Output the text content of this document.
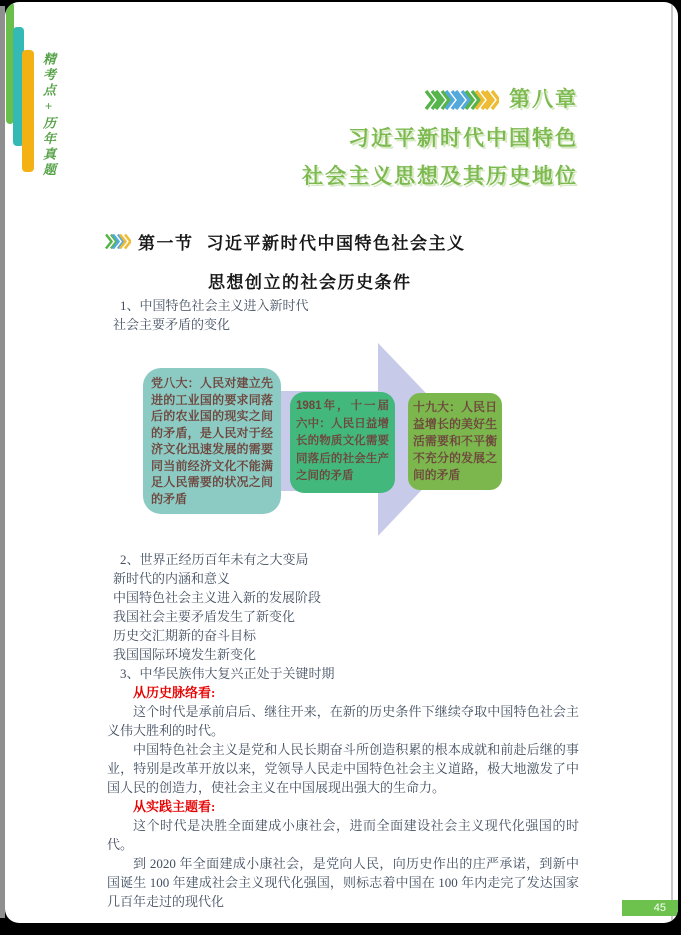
精考点+历年真题	第八章
习近平新时代中国特色
社会主义思想及其历史地位
第一节 习近平新时代中国特色社会主义
思想创立的社会历史条件

1、中国特色社会主义进入新时代

社会主要矛盾的变化

党八大：人民对建立先进的工业国的要求同落后的农业国的现实之间的矛盾，是人民对于经济文化迅速发展的需要同当前经济文化不能满足人民需要的状况之间的矛盾
1981年，十一届六中：人民日益增长的物质文化需要同落后的社会生产之间的矛盾
十九大：人民日益增长的美好生活需要和不平衡不充分的发展之间的矛盾

2、世界正经历百年未有之大变局

新时代的内涵和意义

中国特色社会主义进入新的发展阶段

我国社会主要矛盾发生了新变化

历史交汇期新的奋斗目标

我国国际环境发生新变化

3、中华民族伟大复兴正处于关键时期

从历史脉络看:

这个时代是承前启后、继往开来，在新的历史条件下继续夺取中国特色社会主义伟大胜利的时代。

中国特色社会主义是党和人民长期奋斗所创造积累的根本成就和前赴后继的事业，特别是改革开放以来，党领导人民走中国特色社会主义道路，极大地激发了中国人民的创造力，使社会主义在中国展现出强大的生命力。

从实践主题看:

这个时代是决胜全面建成小康社会，进而全面建设社会主义现代化强国的时代。

到 2020 年全面建成小康社会，是党向人民，向历史作出的庄严承诺，到新中国诞生 100 年建成社会主义现代化强国，则标志着中国在 100 年内走完了发达国家几百年走过的现代化	45
